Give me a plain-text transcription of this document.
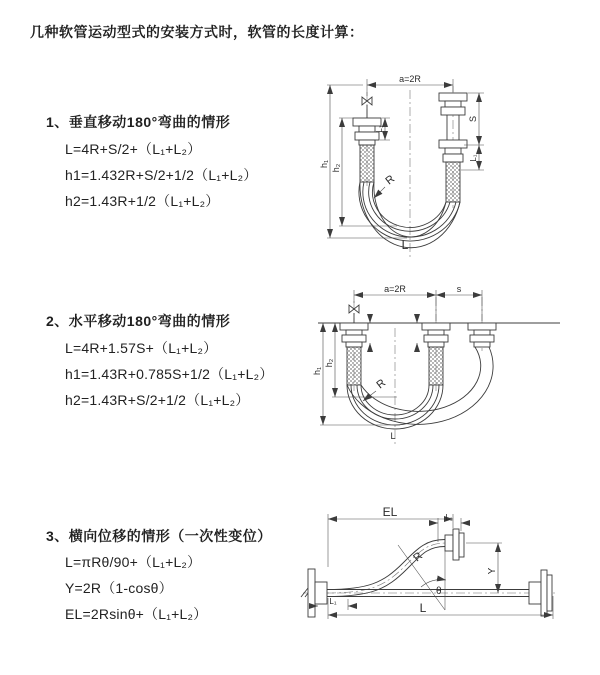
几种软管运动型式的安装方式时，软管的长度计算：
1、垂直移动180°弯曲的情形
L=4R+S/2+（L₁+L₂）
h1=1.432R+S/2+1/2（L₁+L₂）
h2=1.43R+1/2（L₁+L₂）
2、水平移动180°弯曲的情形
L=4R+1.57S+（L₁+L₂）
h1=1.43R+0.785S+1/2（L₁+L₂）
h2=1.43R+S/2+1/2（L₁+L₂）
3、横向位移的情形（一次性变位）
L=πRθ/90+（L₁+L₂）
Y=2R（1-cosθ）
EL=2Rsinθ+（L₁+L₂）
a=2R
h₁ h₂
L₁
S
L₁
R
L
a=2R	s
h₁
h₂
R
L
EL	L₁
Y
R
θ
L
L₁
